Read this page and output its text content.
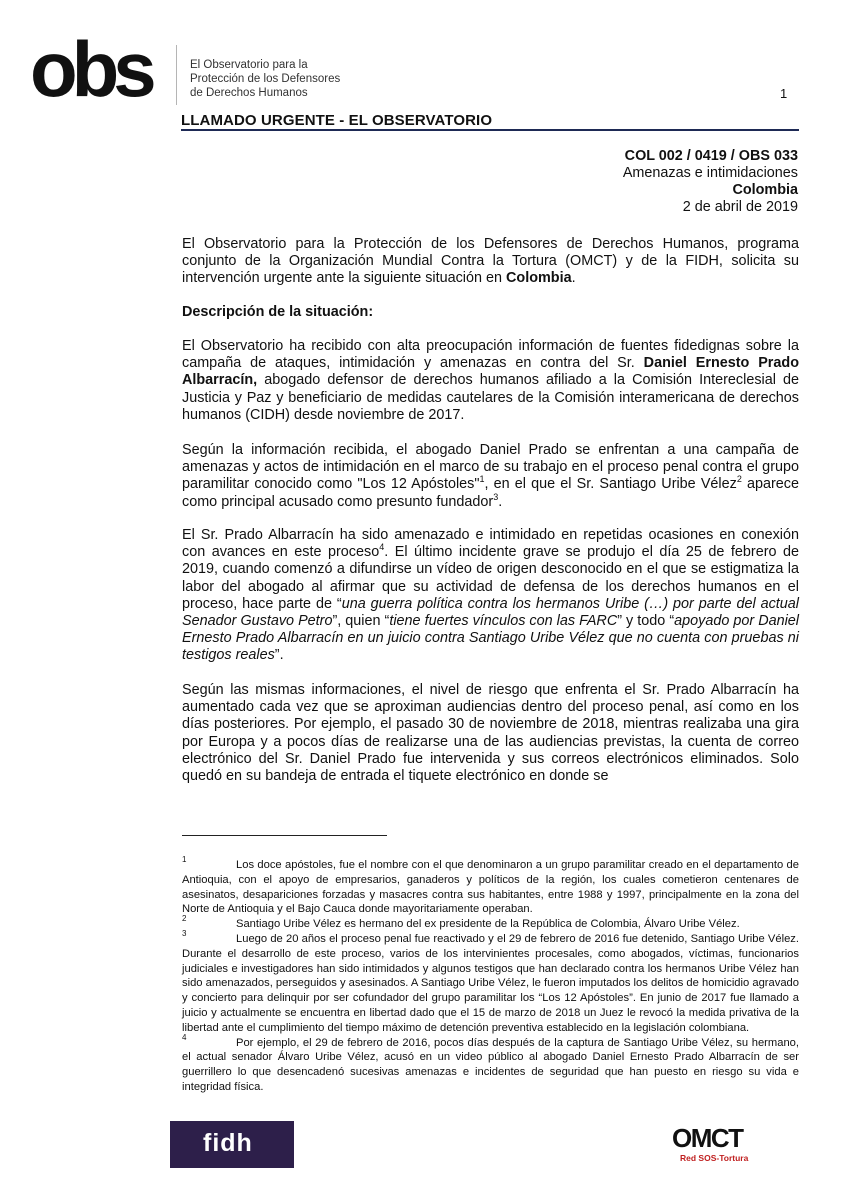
obs	El Observatorio para la
Protección de los Defensores
de Derechos Humanos	1
LLAMADO URGENTE - EL OBSERVATORIO
COL 002 / 0419 / OBS 033
Amenazas e intimidaciones
Colombia
2 de abril de 2019
El Observatorio para la Protección de los Defensores de Derechos Humanos, programa conjunto de la Organización Mundial Contra la Tortura (OMCT) y de la FIDH, solicita su intervención urgente ante la siguiente situación en Colombia.
Descripción de la situación:
El Observatorio ha recibido con alta preocupación información de fuentes fidedignas sobre la campaña de ataques, intimidación y amenazas en contra del Sr. Daniel Ernesto Prado Albarracín, abogado defensor de derechos humanos afiliado a la Comisión Intereclesial de Justicia y Paz y beneficiario de medidas cautelares de la Comisión interamericana de derechos humanos (CIDH) desde noviembre de 2017.
Según la información recibida, el abogado Daniel Prado se enfrentan a una campaña de amenazas y actos de intimidación en el marco de su trabajo en el proceso penal contra el grupo paramilitar conocido como "Los 12 Apóstoles"$^1$, en el que el Sr. Santiago Uribe Vélez$^2$ aparece como principal acusado como presunto fundador$^3$.
El Sr. Prado Albarracín ha sido amenazado e intimidado en repetidas ocasiones en conexión con avances en este proceso$^4$. El último incidente grave se produjo el día 25 de febrero de 2019, cuando comenzó a difundirse un vídeo de origen desconocido en el que se estigmatiza la labor del abogado al afirmar que su actividad de defensa de los derechos humanos en el proceso, hace parte de “una guerra política contra los hermanos Uribe (…) por parte del actual Senador Gustavo Petro”, quien “tiene fuertes vínculos con las FARC” y todo “apoyado por Daniel Ernesto Prado Albarracín en un juicio contra Santiago Uribe Vélez que no cuenta con pruebas ni testigos reales”.
Según las mismas informaciones, el nivel de riesgo que enfrenta el Sr. Prado Albarracín ha aumentado cada vez que se aproximan audiencias dentro del proceso penal, así como en los días posteriores. Por ejemplo, el pasado 30 de noviembre de 2018, mientras realizaba una gira por Europa y a pocos días de realizarse una de las audiencias previstas, la cuenta de correo electrónico del Sr. Daniel Prado fue intervenida y sus correos electrónicos eliminados. Solo quedó en su bandeja de entrada el tiquete electrónico en donde se
1	Los doce apóstoles, fue el nombre con el que denominaron a un grupo paramilitar creado en el departamento de Antioquia, con el apoyo de empresarios, ganaderos y políticos de la región, los cuales cometieron centenares de asesinatos, desapariciones forzadas y masacres contra sus habitantes, entre 1988 y 1997, principalmente en la zona del Norte de Antioquia y el Bajo Cauca donde mayoritariamente operaban.
2	Santiago Uribe Vélez es hermano del ex presidente de la República de Colombia, Álvaro Uribe Vélez.
3	Luego de 20 años el proceso penal fue reactivado y el 29 de febrero de 2016 fue detenido, Santiago Uribe Vélez. Durante el desarrollo de este proceso, varios de los intervinientes procesales, como abogados, víctimas, funcionarios judiciales e investigadores han sido intimidados y algunos testigos que han declarado contra los hermanos Uribe Vélez han sido amenazados, perseguidos y asesinados. A Santiago Uribe Vélez, le fueron imputados los delitos de homicidio agravado y concierto para delinquir por ser cofundador del grupo paramilitar los “Los 12 Apóstoles”. En junio de 2017 fue llamado a juicio y actualmente se encuentra en libertad dado que el 15 de marzo de 2018 un Juez le revocó la medida privativa de la libertad ante el cumplimiento del tiempo máximo de detención preventiva establecido en la legislación colombiana.
4	Por ejemplo, el 29 de febrero de 2016, pocos días después de la captura de Santiago Uribe Vélez, su hermano, el actual senador Álvaro Uribe Vélez, acusó en un video público al abogado Daniel Ernesto Prado Albarracín de ser guerrillero lo que desencadenó sucesivas amenazas e incidentes de seguridad que han puesto en riesgo su vida e integridad física.
fidh	OMCT
Red SOS-Tortura
